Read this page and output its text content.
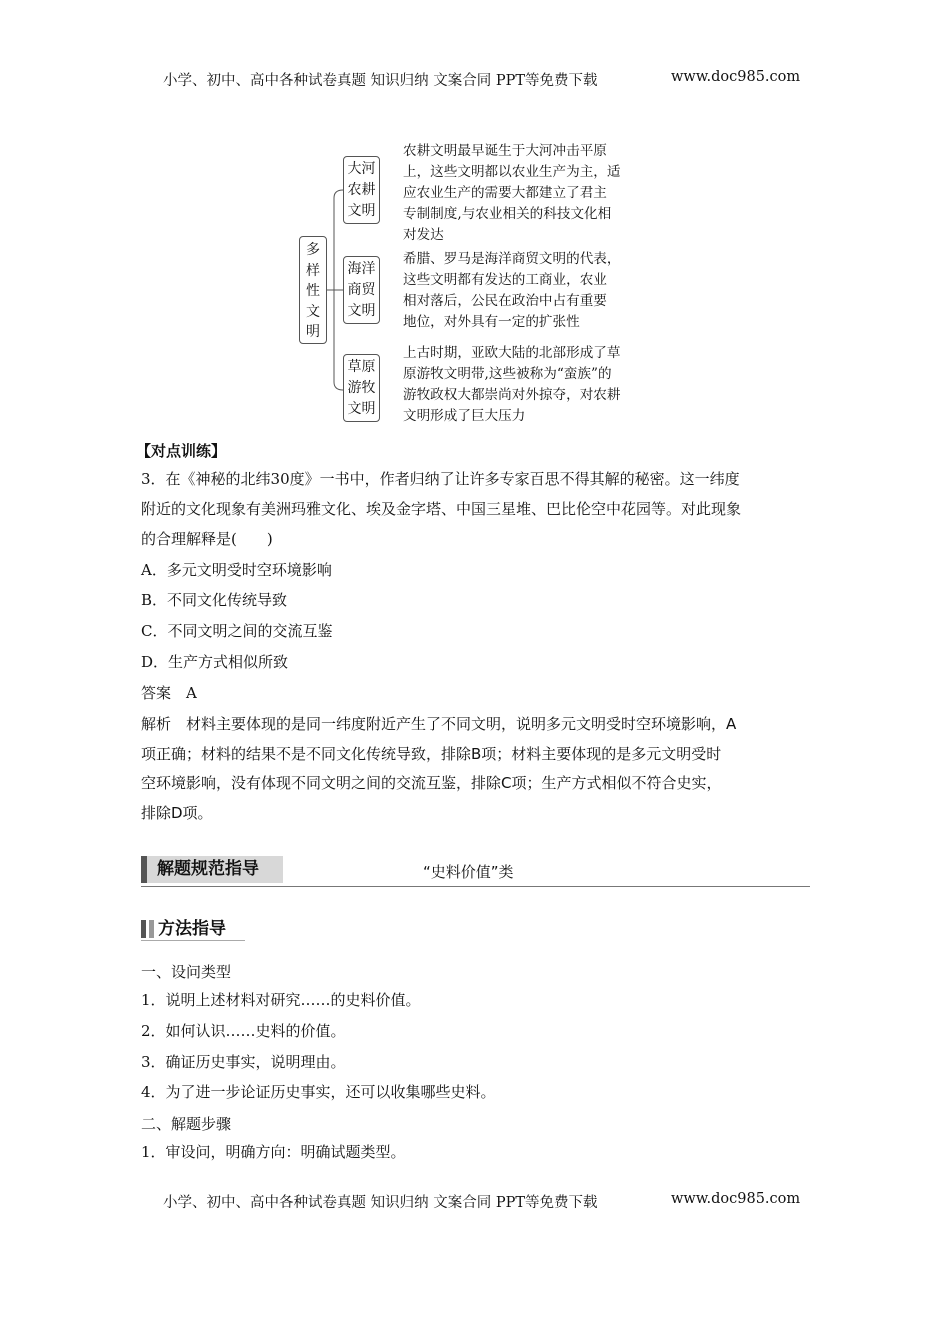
小学、初中、高中各种试卷真题 知识归纳 文案合同 PPT等免费下载	www.doc985.com
多
样
性
文
明
大河
农耕
文明
农耕文明最早诞生于大河冲击平原
上，这些文明都以农业生产为主，适
应农业生产的需要大都建立了君主
专制制度,与农业相关的科技文化相
对发达
海洋
商贸
文明
希腊、罗马是海洋商贸文明的代表，
这些文明都有发达的工商业，农业
相对落后，公民在政治中占有重要
地位，对外具有一定的扩张性
草原
游牧
文明
上古时期，亚欧大陆的北部形成了草
原游牧文明带,这些被称为“蛮族”的
游牧政权大都崇尚对外掠夺，对农耕
文明形成了巨大压力
【对点训练】
3．在《神秘的北纬30度》一书中，作者归纳了让许多专家百思不得其解的秘密。这一纬度
附近的文化现象有美洲玛雅文化、埃及金字塔、中国三星堆、巴比伦空中花园等。对此现象
的合理解释是(　　)
A．多元文明受时空环境影响
B．不同文化传统导致
C．不同文明之间的交流互鉴
D．生产方式相似所致
答案　A
解析　材料主要体现的是同一纬度附近产生了不同文明，说明多元文明受时空环境影响，A
项正确；材料的结果不是不同文化传统导致，排除B项；材料主要体现的是多元文明受时
空环境影响，没有体现不同文明之间的交流互鉴，排除C项；生产方式相似不符合史实，
排除D项。
解题规范指导	“史料价值”类
方法指导
一、设问类型
1．说明上述材料对研究……的史料价值。
2．如何认识……史料的价值。
3．确证历史事实，说明理由。
4．为了进一步论证历史事实，还可以收集哪些史料。
二、解题步骤
1．审设问，明确方向：明确试题类型。
小学、初中、高中各种试卷真题 知识归纳 文案合同 PPT等免费下载	www.doc985.com
